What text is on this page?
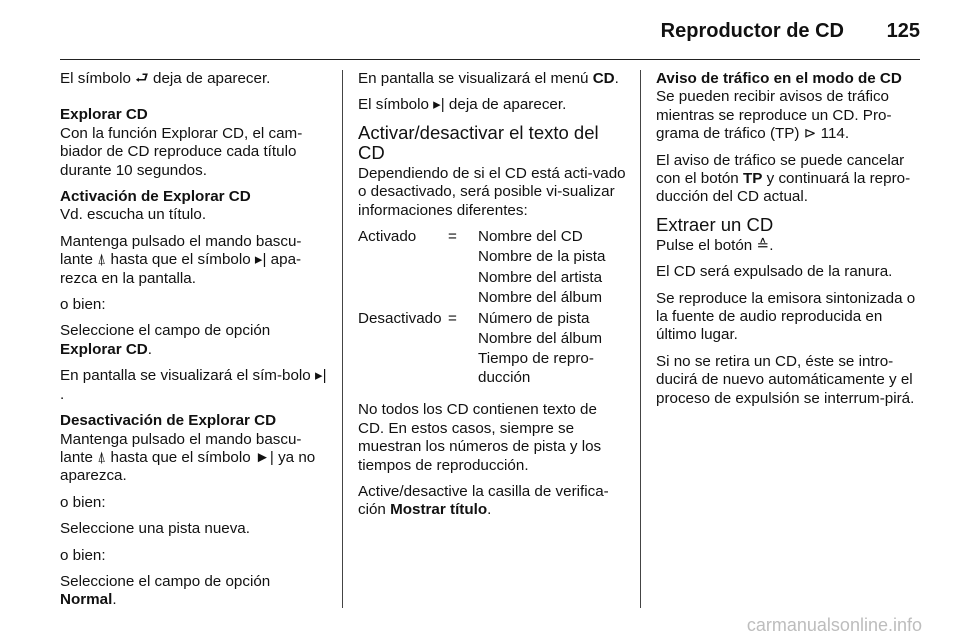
Reproductor de CD 125

El símbolo ⮐ deja de aparecer.

Explorar CD

Con la función Explorar CD, el cam-biador de CD reproduce cada título durante 10 segundos.

Activación de Explorar CD

Vd. escucha un título.

Mantenga pulsado el mando bascu-lante ⍋ hasta que el símbolo ▸| apa-rezca en la pantalla.

o bien:

Seleccione el campo de opción Explorar CD.

En pantalla se visualizará el sím-bolo ▸|.

Desactivación de Explorar CD

Mantenga pulsado el mando bascu-lante ⍋ hasta que el símbolo ►| ya no aparezca.

o bien:

Seleccione una pista nueva.

o bien:

Seleccione el campo de opción Normal.

En pantalla se visualizará el menú CD.

El símbolo ▸| deja de aparecer.

Activar/desactivar el texto del CD

Dependiendo de si el CD está acti-vado o desactivado, será posible vi-sualizar informaciones diferentes:

Activado	=	Nombre del CD
		Nombre de la pista
		Nombre del artista
		Nombre del álbum
Desactivado	=	Número de pista
		Nombre del álbum
		Tiempo de repro-ducción

No todos los CD contienen texto de CD. En estos casos, siempre se muestran los números de pista y los tiempos de reproducción.

Active/desactive la casilla de verifica-ción Mostrar título.

Aviso de tráfico en el modo de CD

Se pueden recibir avisos de tráfico mientras se reproduce un CD. Pro-grama de tráfico (TP) ⊳ 114.

El aviso de tráfico se puede cancelar con el botón TP y continuará la repro-ducción del CD actual.

Extraer un CD

Pulse el botón ≙.

El CD será expulsado de la ranura.

Se reproduce la emisora sintonizada o la fuente de audio reproducida en último lugar.

Si no se retira un CD, éste se intro-ducirá de nuevo automáticamente y el proceso de expulsión se interrum-pirá.

carmanualsonline.info
